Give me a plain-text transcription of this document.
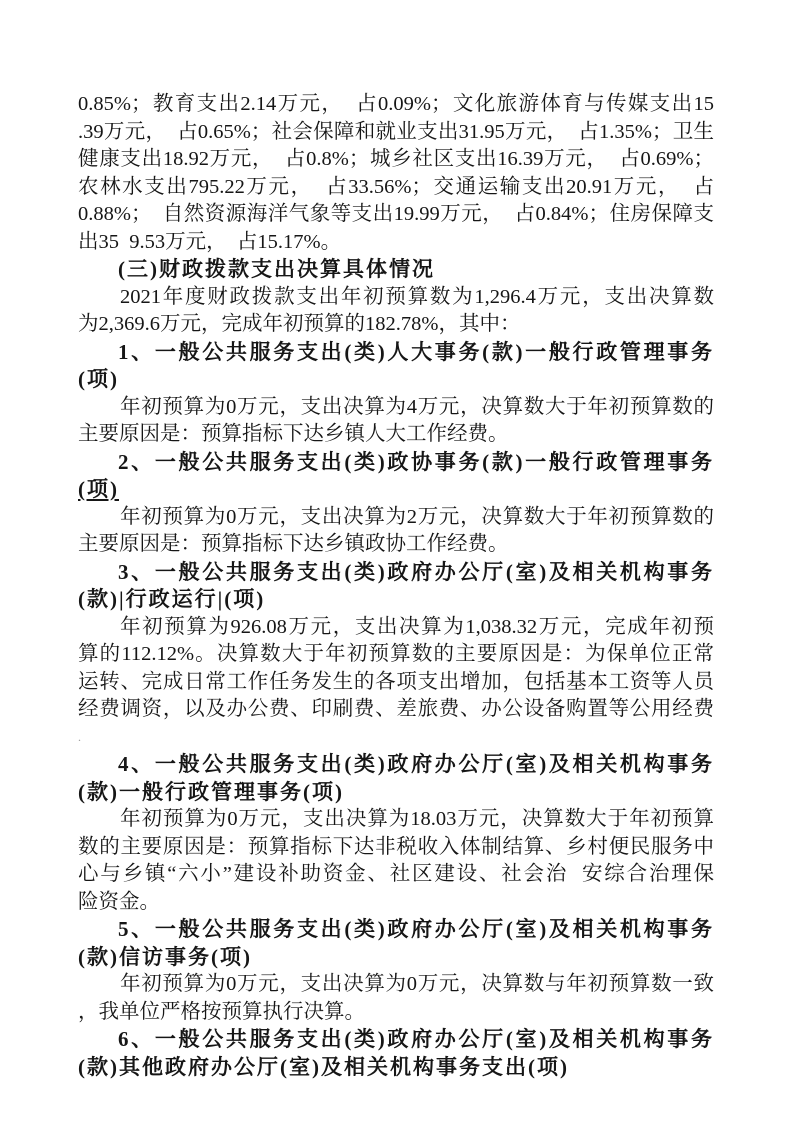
0.85%；教育支出2.14万元，  占0.09%；文化旅游体育与传媒支出15
.39万元，  占0.65%；社会保障和就业支出31.95万元，  占1.35%；卫生
健康支出18.92万元，  占0.8%；城乡社区支出16.39万元，  占0.69%；
农林水支出795.22万元，  占33.56%；交通运输支出20.91万元，  占
0.88%；  自然资源海洋气象等支出19.99万元，  占0.84%；住房保障支
出35  9.53万元，  占15.17%。
(三)财政拨款支出决算具体情况
2021年度财政拨款支出年初预算数为1,296.4万元，支出决算数
为2,369.6万元，完成年初预算的182.78%，其中：
1、一般公共服务支出(类)人大事务(款)一般行政管理事务
(项)
年初预算为0万元，支出决算为4万元，决算数大于年初预算数的
主要原因是：预算指标下达乡镇人大工作经费。
2、一般公共服务支出(类)政协事务(款)一般行政管理事务
(项)
年初预算为0万元，支出决算为2万元，决算数大于年初预算数的
主要原因是：预算指标下达乡镇政协工作经费。
3、一般公共服务支出(类)政府办公厅(室)及相关机构事务
(款)|行政运行|(项)
年初预算为926.08万元，支出决算为1,038.32万元，完成年初预
算的112.12%。决算数大于年初预算数的主要原因是：为保单位正常
运转、完成日常工作任务发生的各项支出增加，包括基本工资等人员
经费调资，以及办公费、印刷费、差旅费、办公设备购置等公用经费
.
4、一般公共服务支出(类)政府办公厅(室)及相关机构事务
(款)一般行政管理事务(项)
年初预算为0万元，支出决算为18.03万元，决算数大于年初预算
数的主要原因是：预算指标下达非税收入体制结算、乡村便民服务中
心与乡镇“六小”建设补助资金、社区建设、社会治  安综合治理保
险资金。
5、一般公共服务支出(类)政府办公厅(室)及相关机构事务
(款)信访事务(项)
年初预算为0万元，支出决算为0万元，决算数与年初预算数一致
，我单位严格按预算执行决算。
6、一般公共服务支出(类)政府办公厅(室)及相关机构事务
(款)其他政府办公厅(室)及相关机构事务支出(项)
